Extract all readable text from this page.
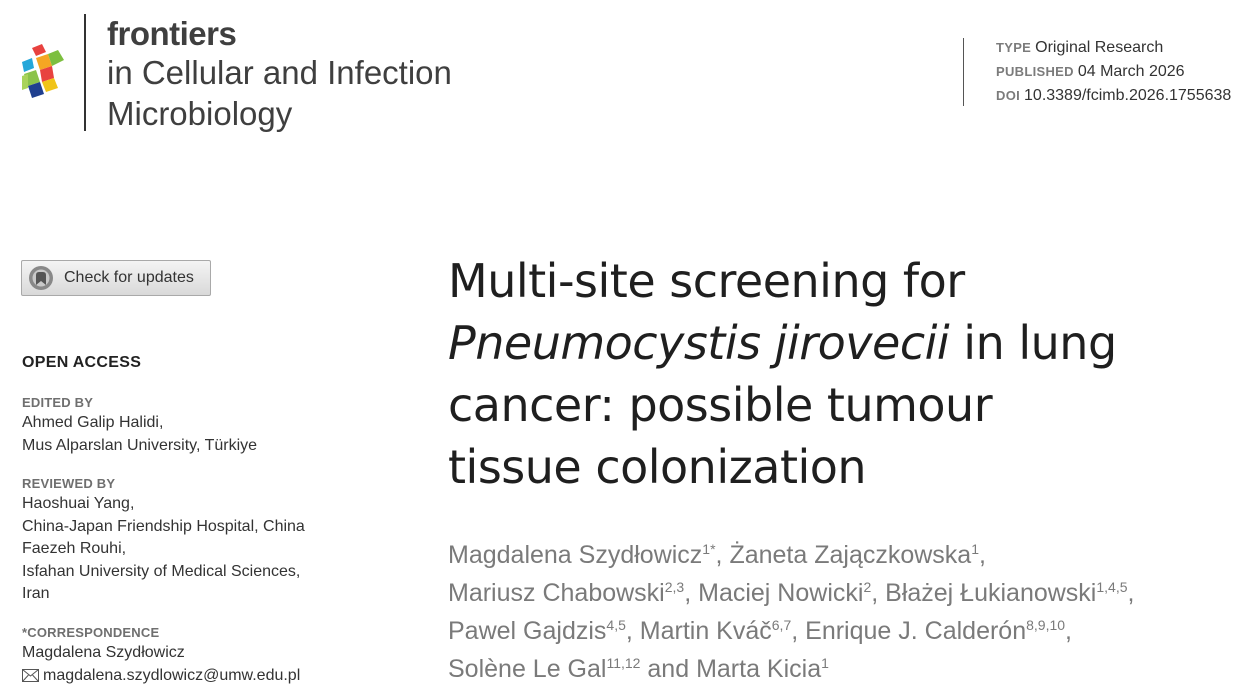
frontiers
in Cellular and Infection
Microbiology
TYPE Original Research
PUBLISHED 04 March 2026
DOI 10.3389/fcimb.2026.1755638
Check for updates
OPEN ACCESS
EDITED BY
Ahmed Galip Halidi,
Mus Alparslan University, Türkiye
REVIEWED BY
Haoshuai Yang,
China-Japan Friendship Hospital, China
Faezeh Rouhi,
Isfahan University of Medical Sciences,
Iran
*CORRESPONDENCE
Magdalena Szydłowicz
magdalena.szydlowicz@umw.edu.pl
Multi-site screening for
Pneumocystis jirovecii in lung
cancer: possible tumour
tissue colonization
Magdalena Szydłowicz$^{1*}$, Żaneta Zajączkowska$^1$,
Mariusz Chabowski$^{2,3}$, Maciej Nowicki$^2$, Błażej Łukianowski$^{1,4,5}$,
Pawel Gajdzis$^{4,5}$, Martin Kváč$^{6,7}$, Enrique J. Calderón$^{8,9,10}$,
Solène Le Gal$^{11,12}$ and Marta Kicia$^1$
